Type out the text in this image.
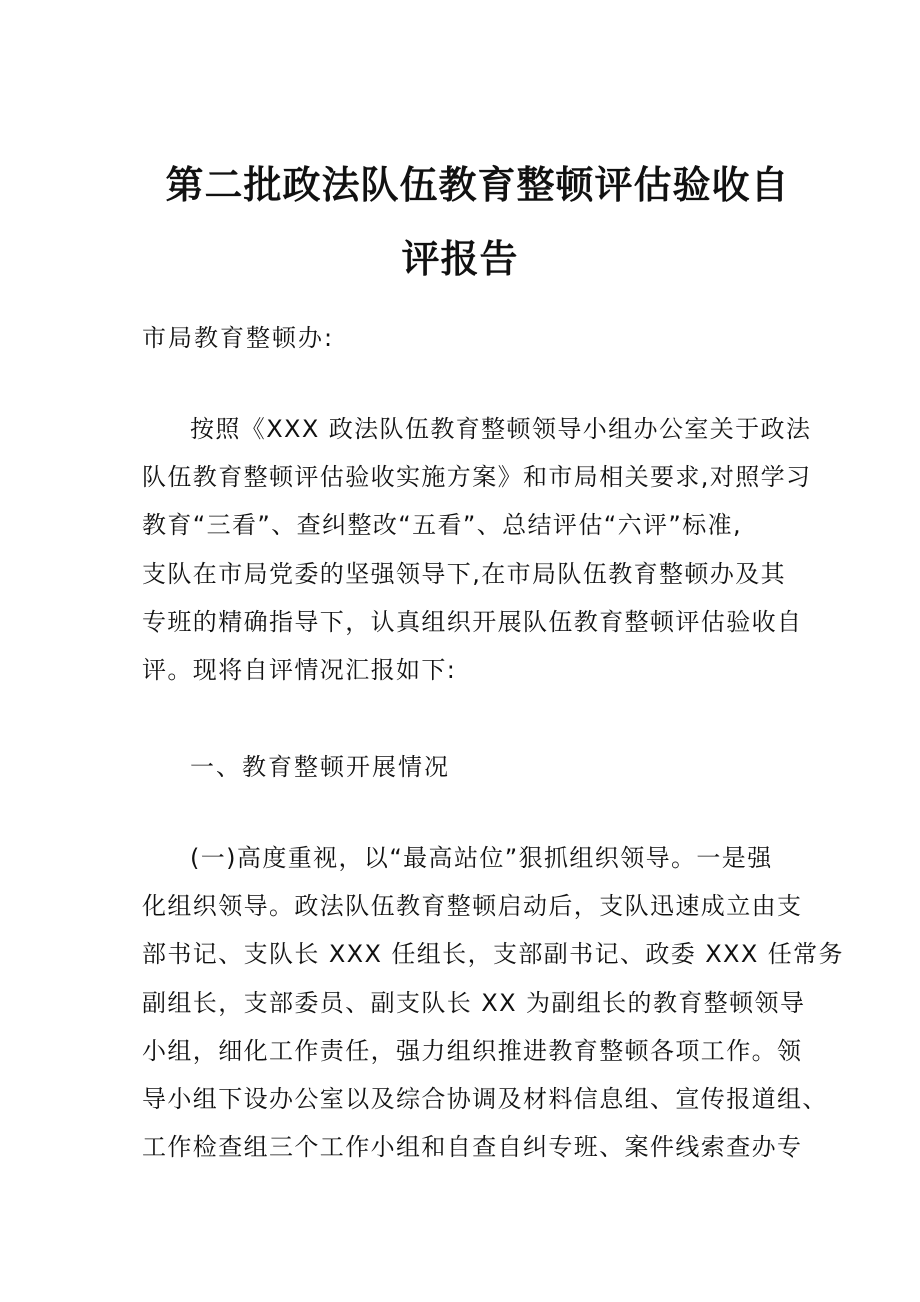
第二批政法队伍教育整顿评估验收自
评报告
市局教育整顿办:
按照《XXX 政法队伍教育整顿领导小组办公室关于政法
队伍教育整顿评估验收实施方案》和市局相关要求,对照学习
教育“三看”、查纠整改“五看”、总结评估“六评”标准,
支队在市局党委的坚强领导下,在市局队伍教育整顿办及其
专班的精确指导下，认真组织开展队伍教育整顿评估验收自
评。现将自评情况汇报如下:
一、教育整顿开展情况
(一)高度重视，以“最高站位”狠抓组织领导。一是强
化组织领导。政法队伍教育整顿启动后，支队迅速成立由支
部书记、支队长 XXX 任组长，支部副书记、政委 XXX 任常务
副组长，支部委员、副支队长 XX 为副组长的教育整顿领导
小组，细化工作责任，强力组织推进教育整顿各项工作。领
导小组下设办公室以及综合协调及材料信息组、宣传报道组、
工作检查组三个工作小组和自查自纠专班、案件线索查办专
